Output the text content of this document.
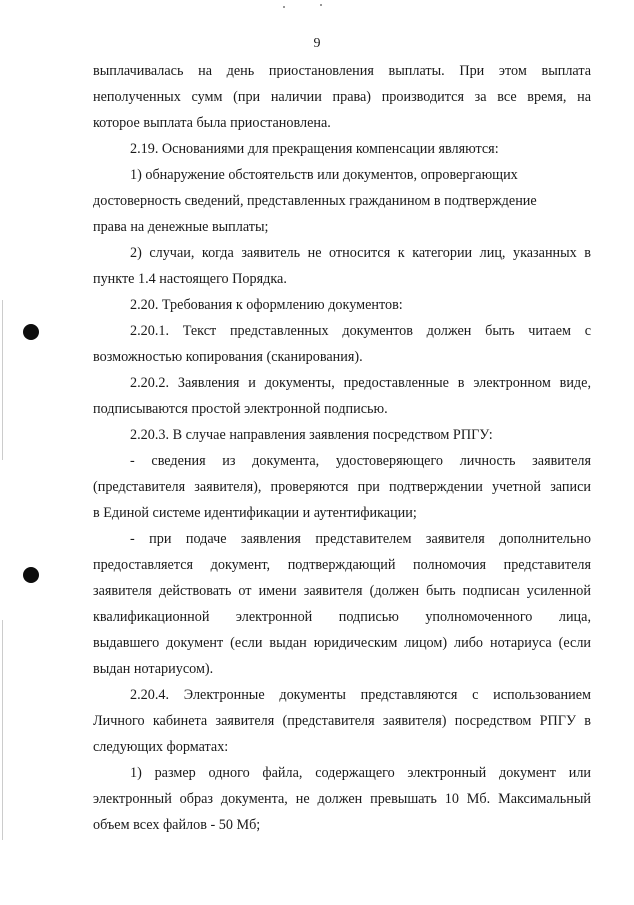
9
выплачивалась на день приостановления выплаты. При этом выплата
неполученных сумм (при наличии права) производится за все время, на
которое выплата была приостановлена.
2.19. Основаниями для прекращения компенсации являются:
1) обнаружение обстоятельств или документов, опровергающих
достоверность сведений, представленных гражданином в подтверждение
права на денежные выплаты;
2) случаи, когда заявитель не относится к категории лиц, указанных в
пункте 1.4 настоящего Порядка.
2.20. Требования к оформлению документов:
2.20.1. Текст представленных документов должен быть читаем с
возможностью копирования (сканирования).
2.20.2. Заявления и документы, предоставленные в электронном виде,
подписываются простой электронной подписью.
2.20.3. В случае направления заявления посредством РПГУ:
- сведения из документа, удостоверяющего личность заявителя
(представителя заявителя), проверяются при подтверждении учетной записи
в Единой системе идентификации и аутентификации;
- при подаче заявления представителем заявителя дополнительно
предоставляется документ, подтверждающий полномочия представителя
заявителя действовать от имени заявителя (должен быть подписан усиленной
квалификационной электронной подписью уполномоченного лица,
выдавшего документ (если выдан юридическим лицом) либо нотариуса (если
выдан нотариусом).
2.20.4. Электронные документы представляются с использованием
Личного кабинета заявителя (представителя заявителя) посредством РПГУ в
следующих форматах:
1) размер одного файла, содержащего электронный документ или
электронный образ документа, не должен превышать 10 Мб. Максимальный
объем всех файлов - 50 Мб;
